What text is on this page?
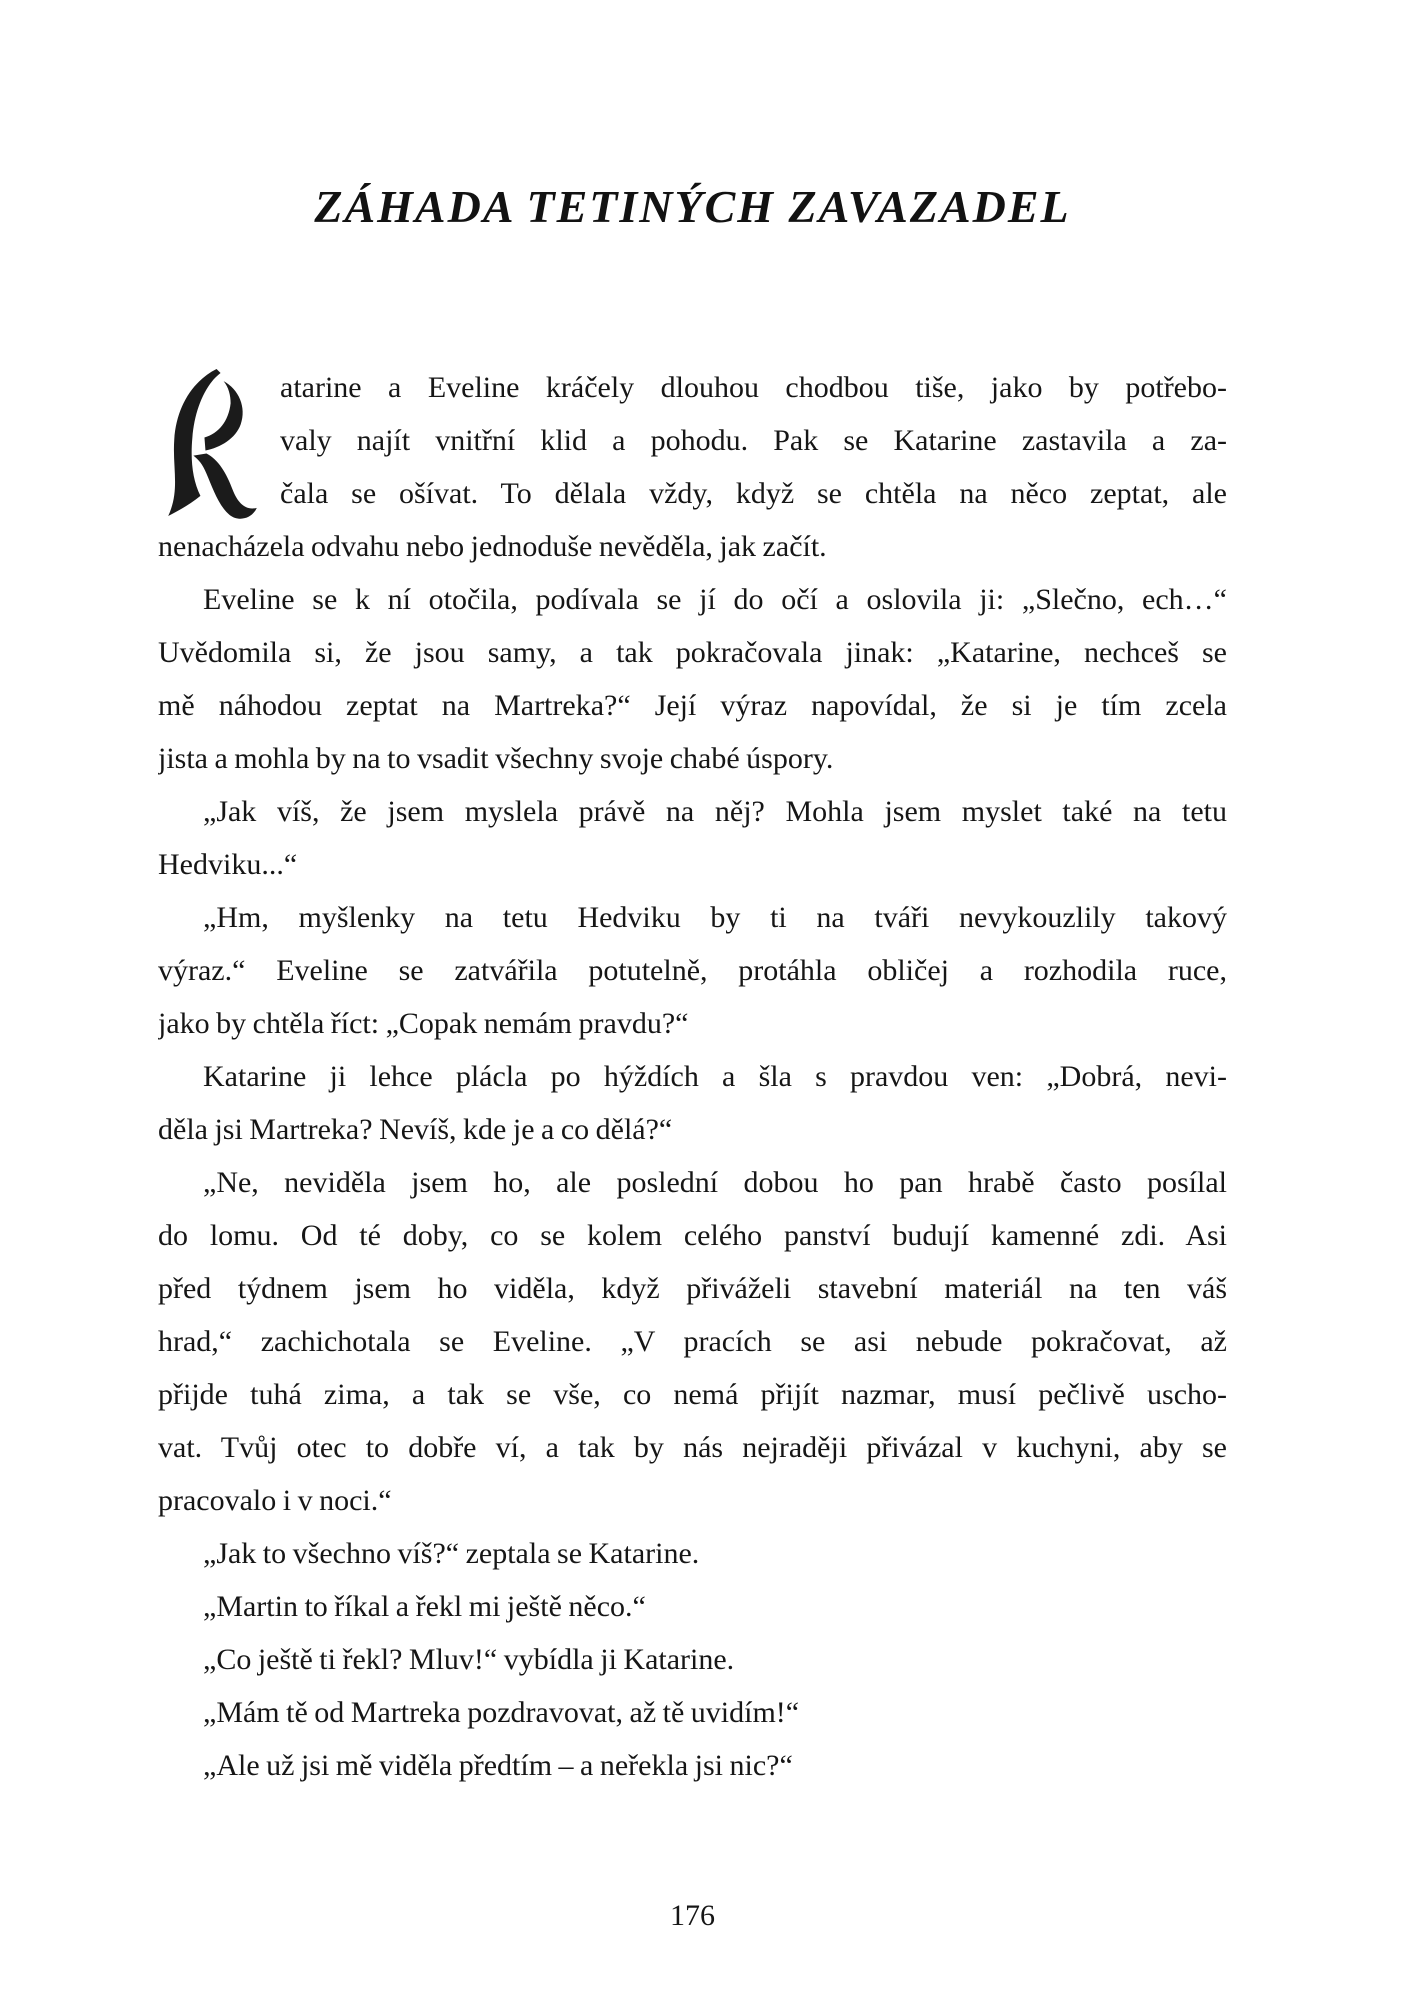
ZÁHADA TETINÝCH ZAVAZADEL
atarine a Eveline kráčely dlouhou chodbou tiše, jako by potřebo-
valy najít vnitřní klid a pohodu. Pak se Katarine zastavila a za-
čala se ošívat. To dělala vždy, když se chtěla na něco zeptat, ale
nenacházela odvahu nebo jednoduše nevěděla, jak začít.
Eveline se k ní otočila, podívala se jí do očí a oslovila ji: „Slečno, ech…“
Uvědomila si, že jsou samy, a tak pokračovala jinak: „Katarine, nechceš se
mě náhodou zeptat na Martreka?“ Její výraz napovídal, že si je tím zcela
jista a mohla by na to vsadit všechny svoje chabé úspory.
„Jak víš, že jsem myslela právě na něj? Mohla jsem myslet také na tetu
Hedviku...“
„Hm, myšlenky na tetu Hedviku by ti na tváři nevykouzlily takový
výraz.“ Eveline se zatvářila potutelně, protáhla obličej a rozhodila ruce,
jako by chtěla říct: „Copak nemám pravdu?“
Katarine ji lehce plácla po hýždích a šla s pravdou ven: „Dobrá, nevi-
děla jsi Martreka? Nevíš, kde je a co dělá?“
„Ne, neviděla jsem ho, ale poslední dobou ho pan hrabě často posílal
do lomu. Od té doby, co se kolem celého panství budují kamenné zdi. Asi
před týdnem jsem ho viděla, když přiváželi stavební materiál na ten váš
hrad,“ zachichotala se Eveline. „V pracích se asi nebude pokračovat, až
přijde tuhá zima, a tak se vše, co nemá přijít nazmar, musí pečlivě uscho-
vat. Tvůj otec to dobře ví, a tak by nás nejraději přivázal v kuchyni, aby se
pracovalo i v noci.“
„Jak to všechno víš?“ zeptala se Katarine.
„Martin to říkal a řekl mi ještě něco.“
„Co ještě ti řekl? Mluv!“ vybídla ji Katarine.
„Mám tě od Martreka pozdravovat, až tě uvidím!“
„Ale už jsi mě viděla předtím – a neřekla jsi nic?“
176
